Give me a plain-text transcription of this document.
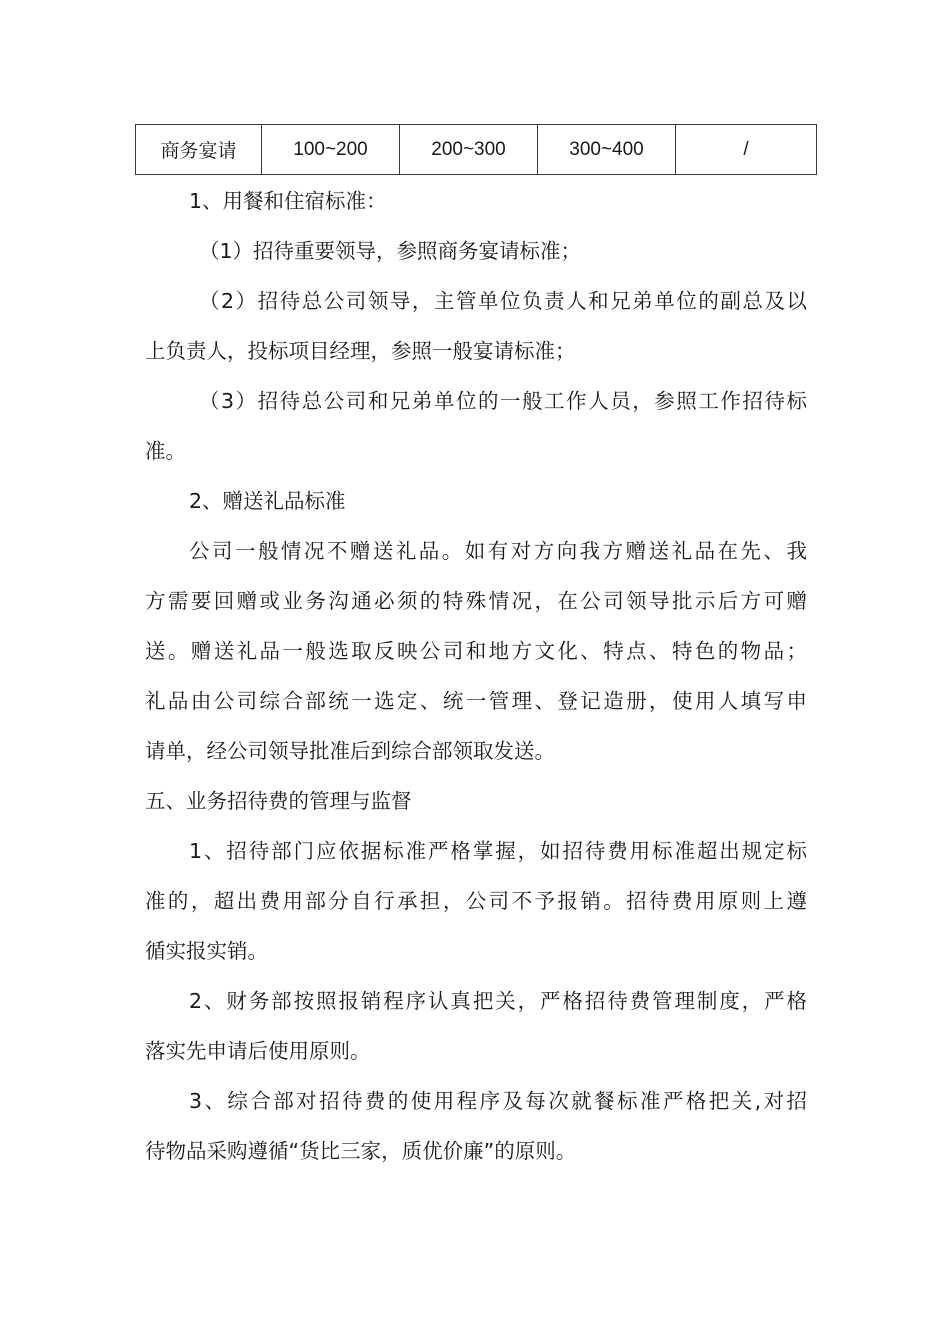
商务宴请	100~200	200~300	300~400	/
1、用餐和住宿标准：
（1）招待重要领导，参照商务宴请标准；
（2）招待总公司领导，主管单位负责人和兄弟单位的副总及以
上负责人，投标项目经理，参照一般宴请标准；
（3）招待总公司和兄弟单位的一般工作人员，参照工作招待标
准。
2、赠送礼品标准
公司一般情况不赠送礼品。如有对方向我方赠送礼品在先、我
方需要回赠或业务沟通必须的特殊情况，在公司领导批示后方可赠
送。赠送礼品一般选取反映公司和地方文化、特点、特色的物品；
礼品由公司综合部统一选定、统一管理、登记造册，使用人填写申
请单，经公司领导批准后到综合部领取发送。
五、业务招待费的管理与监督
1、招待部门应依据标准严格掌握，如招待费用标准超出规定标
准的，超出费用部分自行承担，公司不予报销。招待费用原则上遵
循实报实销。
2、财务部按照报销程序认真把关，严格招待费管理制度，严格
落实先申请后使用原则。
3、综合部对招待费的使用程序及每次就餐标准严格把关,对招
待物品采购遵循“货比三家，质优价廉”的原则。
